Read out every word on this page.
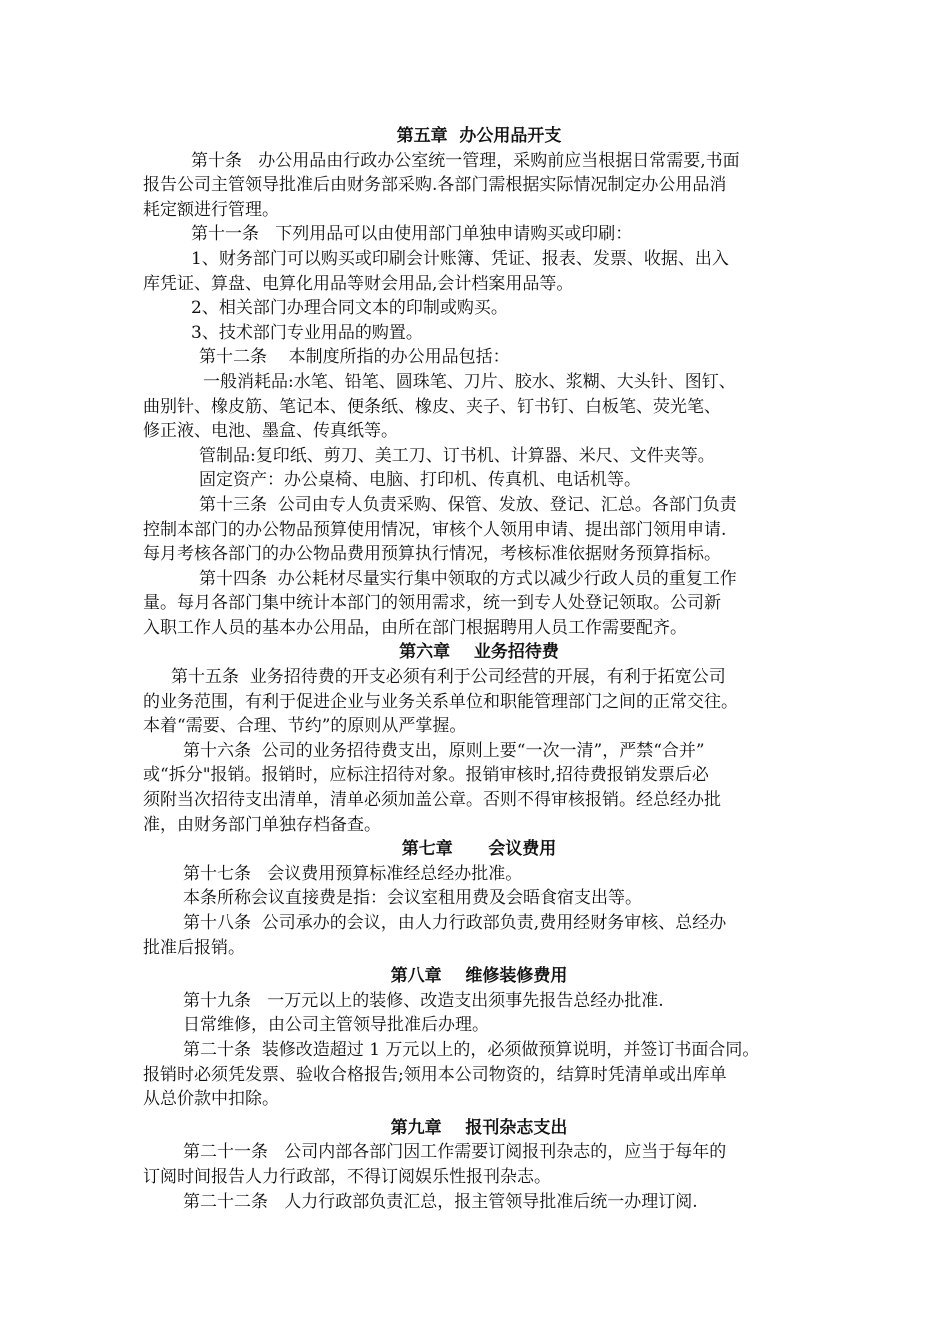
第五章  办公用品开支
第十条   办公用品由行政办公室统一管理，采购前应当根据日常需要,书面
报告公司主管领导批准后由财务部采购.各部门需根据实际情况制定办公用品消
耗定额进行管理。
第十一条   下列用品可以由使用部门单独申请购买或印刷：
1、财务部门可以购买或印刷会计账簿、凭证、报表、发票、收据、出入
库凭证、算盘、电算化用品等财会用品,会计档案用品等。
2、相关部门办理合同文本的印制或购买。
3、技术部门专业用品的购置。
第十二条    本制度所指的办公用品包括：
一般消耗品:水笔、铅笔、圆珠笔、刀片、胶水、浆糊、大头针、图钉、
曲别针、橡皮筋、笔记本、便条纸、橡皮、夹子、钉书钉、白板笔、荧光笔、
修正液、电池、墨盒、传真纸等。
管制品:复印纸、剪刀、美工刀、订书机、计算器、米尺、文件夹等。
固定资产：办公桌椅、电脑、打印机、传真机、电话机等。
第十三条  公司由专人负责采购、保管、发放、登记、汇总。各部门负责
控制本部门的办公物品预算使用情况，审核个人领用申请、提出部门领用申请.
每月考核各部门的办公物品费用预算执行情况，考核标准依据财务预算指标。
第十四条  办公耗材尽量实行集中领取的方式以减少行政人员的重复工作
量。每月各部门集中统计本部门的领用需求，统一到专人处登记领取。公司新
入职工作人员的基本办公用品，由所在部门根据聘用人员工作需要配齐。
第六章    业务招待费
第十五条  业务招待费的开支必须有利于公司经营的开展，有利于拓宽公司
的业务范围，有利于促进企业与业务关系单位和职能管理部门之间的正常交往。
本着“需要、合理、节约”的原则从严掌握。
第十六条  公司的业务招待费支出，原则上要“一次一清”，严禁“合并”
或“拆分"报销。报销时，应标注招待对象。报销审核时,招待费报销发票后必
须附当次招待支出清单，清单必须加盖公章。否则不得审核报销。经总经办批
准，由财务部门单独存档备查。
第七章      会议费用
第十七条   会议费用预算标准经总经办批准。
本条所称会议直接费是指：会议室租用费及会晤食宿支出等。
第十八条  公司承办的会议，由人力行政部负责,费用经财务审核、总经办
批准后报销。
第八章    维修装修费用
第十九条   一万元以上的装修、改造支出须事先报告总经办批准.
日常维修，由公司主管领导批准后办理。
第二十条  装修改造超过 1 万元以上的，必须做预算说明，并签订书面合同。
报销时必须凭发票、验收合格报告;领用本公司物资的，结算时凭清单或出库单
从总价款中扣除。
第九章    报刊杂志支出
第二十一条   公司内部各部门因工作需要订阅报刊杂志的，应当于每年的
订阅时间报告人力行政部，不得订阅娱乐性报刊杂志。
第二十二条   人力行政部负责汇总，报主管领导批准后统一办理订阅.
